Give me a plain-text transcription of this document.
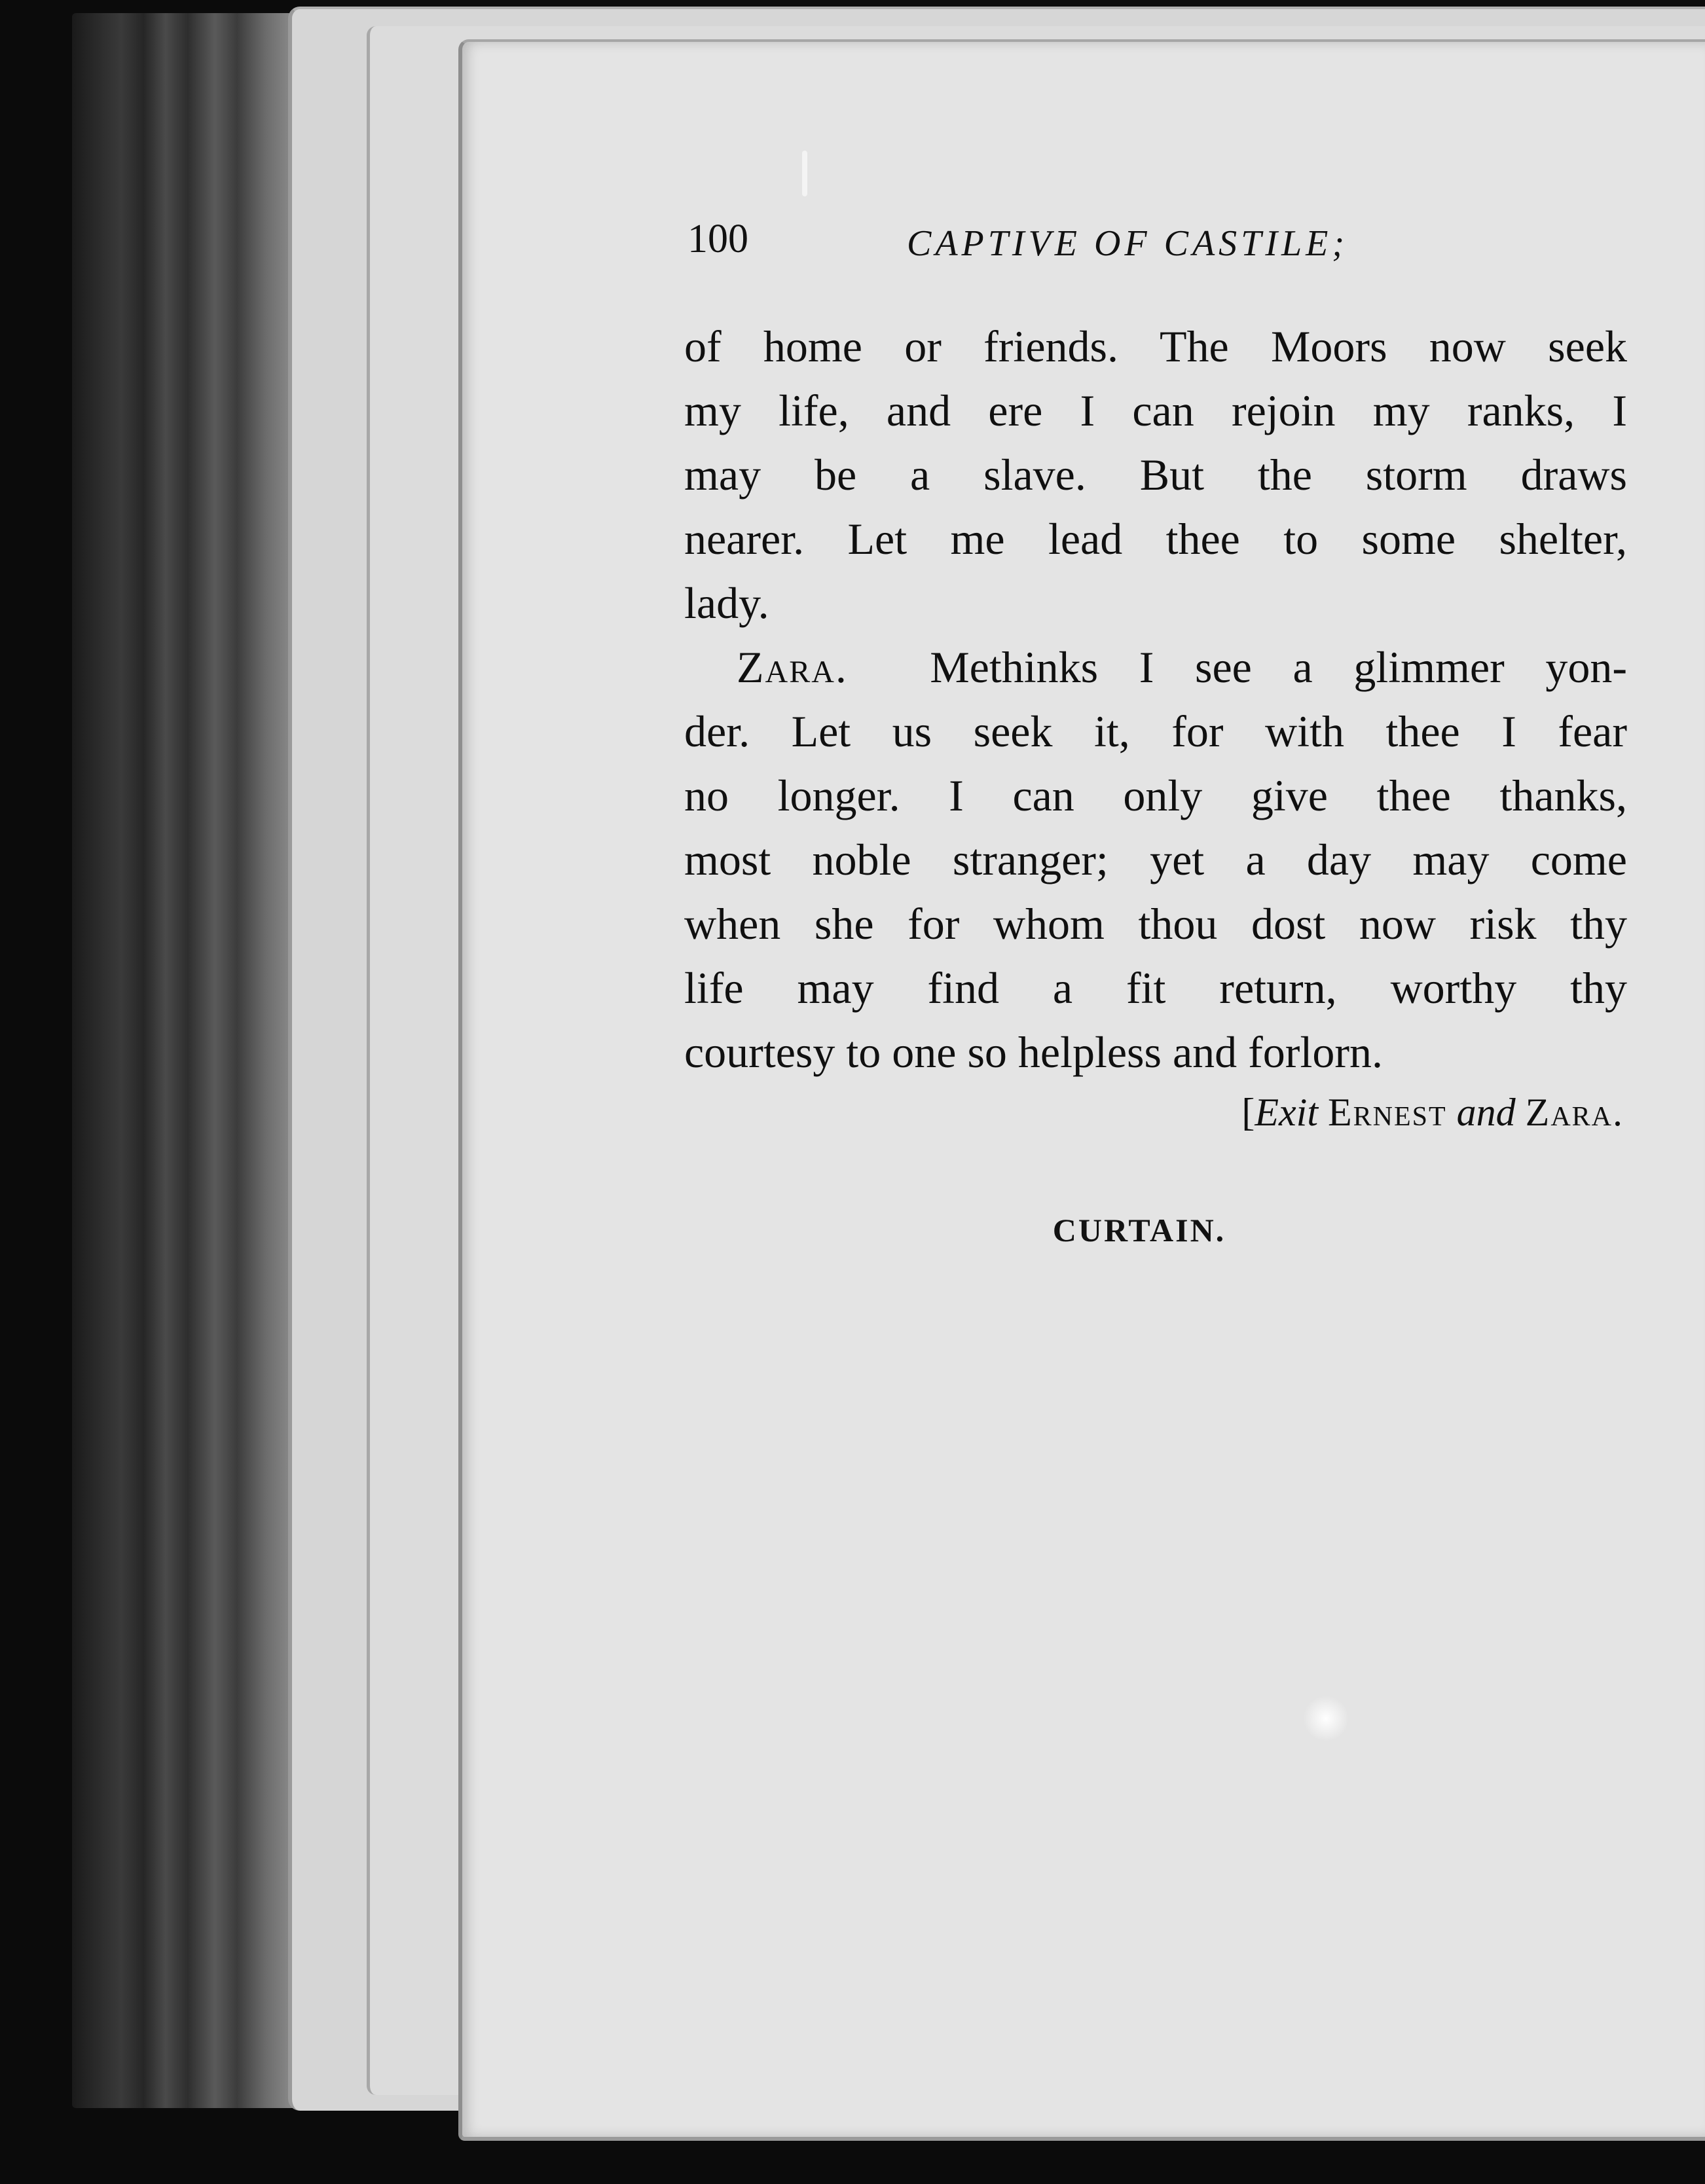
100	CAPTIVE OF CASTILE;
of home or friends. The Moors now seek
my life, and ere I can rejoin my ranks, I
may be a slave. But the storm draws
nearer. Let me lead thee to some shelter,
lady.
Zara. Methinks I see a glimmer yon-
der. Let us seek it, for with thee I fear
no longer. I can only give thee thanks,
most noble stranger; yet a day may come
when she for whom thou dost now risk thy
life may find a fit return, worthy thy
courtesy to one so helpless and forlorn.
[Exit Ernest and Zara.
CURTAIN.
